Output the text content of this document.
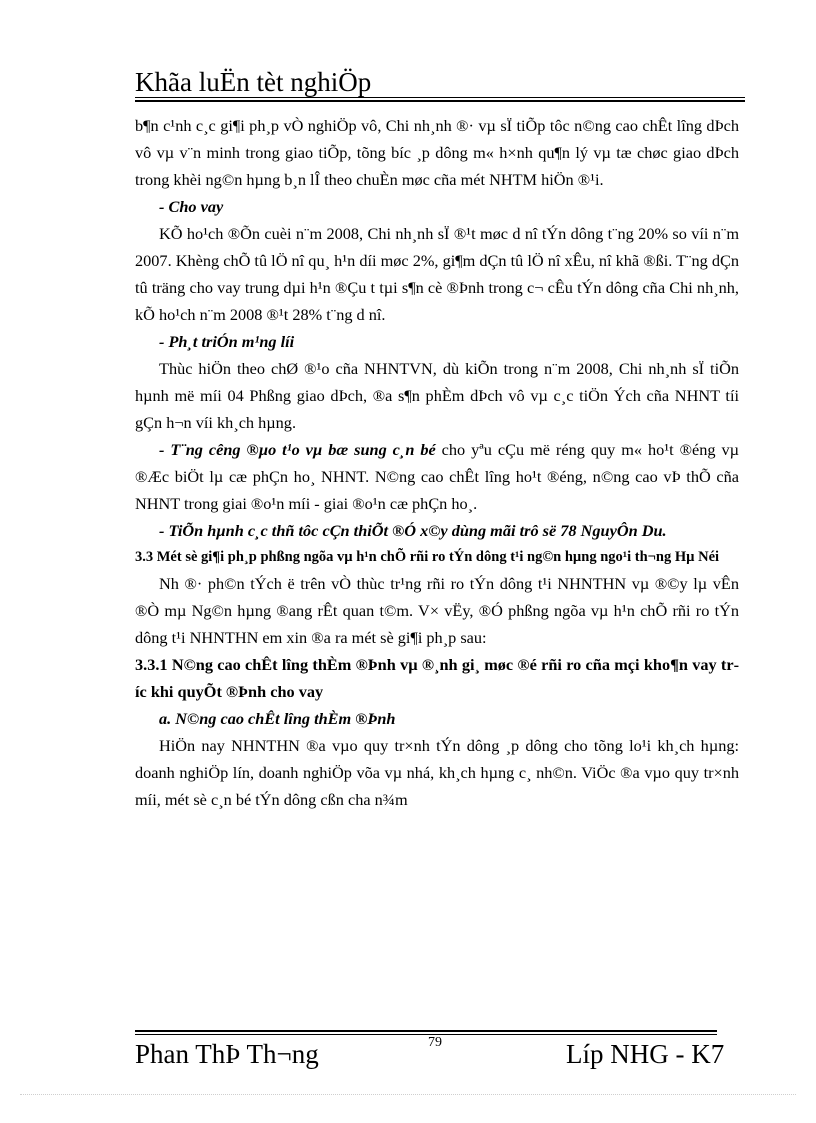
Khãa luËn tèt nghiÖp

b¶n c¹nh c¸c gi¶i ph¸p vÒ nghiÖp vô, Chi nh¸nh ®· vµ sÏ tiÕp tôc n©ng cao chÊt lîng dÞch vô vµ v¨n minh trong giao tiÕp, tõng bíc ¸p dông m« h×nh qu¶n lý vµ tæ chøc giao dÞch trong khèi ng©n hµng b¸n lÎ theo chuÈn møc cña mét NHTM hiÖn ®¹i.

- Cho vay

KÕ ho¹ch ®Õn cuèi n¨m 2008, Chi nh¸nh sÏ ®¹t møc d nî tÝn dông t¨ng 20% so víi n¨m 2007. Khèng chÕ tû lÖ nî qu¸ h¹n díi møc 2%, gi¶m dÇn tû lÖ nî xÊu, nî khã ®ßi. T¨ng dÇn tû träng cho vay trung dµi h¹n ®Çu t tµi s¶n cè ®Þnh trong c¬ cÊu tÝn dông cña Chi nh¸nh, kÕ ho¹ch n¨m 2008 ®¹t 28% t¨ng d nî.

- Ph¸t triÓn m¹ng líi

Thùc hiÖn theo chØ ®¹o cña NHNTVN, dù kiÕn trong n¨m 2008, Chi nh¸nh sÏ tiÕn hµnh më míi 04 Phßng giao dÞch, ®a s¶n phÈm dÞch vô vµ c¸c tiÖn Ých cña NHNT tíi gÇn h¬n víi kh¸ch hµng.

- T¨ng cêng ®µo t¹o vµ bæ sung c¸n bé cho yªu cÇu më réng quy m« ho¹t ®éng vµ ®Æc biÖt lµ cæ phÇn ho¸ NHNT. N©ng cao chÊt lîng ho¹t ®éng, n©ng cao vÞ thÕ cña NHNT trong giai ®o¹n míi - giai ®o¹n cæ phÇn ho¸.

- TiÕn hµnh c¸c thñ tôc cÇn thiÕt ®Ó x©y dùng mãi trô së 78 NguyÔn Du.

3.3 Mét sè gi¶i ph¸p phßng ngõa vµ h¹n chÕ rñi ro tÝn dông t¹i ng©n hµng ngo¹i th¬ng Hµ Néi

Nh ®· ph©n tÝch ë trên vÒ thùc tr¹ng rñi ro tÝn dông t¹i NHNTHN vµ ®©y lµ vÊn ®Ò mµ Ng©n hµng ®ang rÊt quan t©m. V× vËy, ®Ó phßng ngõa vµ h¹n chÕ rñi ro tÝn dông t¹i NHNTHN em xin ®a ra mét sè gi¶i ph¸p sau:

3.3.1 N©ng cao chÊt lîng thÈm ®Þnh vµ ®¸nh gi¸ møc ®é rñi ro cña mçi kho¶n vay tríc khi quyÕt ®Þnh cho vay

a. N©ng cao chÊt lîng thÈm ®Þnh

HiÖn nay NHNTHN ®a vµo quy tr×nh tÝn dông ¸p dông cho tõng lo¹i kh¸ch hµng: doanh nghiÖp lín, doanh nghiÖp võa vµ nhá, kh¸ch hµng c¸ nh©n. ViÖc ®a vµo quy tr×nh míi, mét sè c¸n bé tÝn dông cßn cha n¾m

Phan ThÞ Th¬ng	79	Líp NHG - K7
